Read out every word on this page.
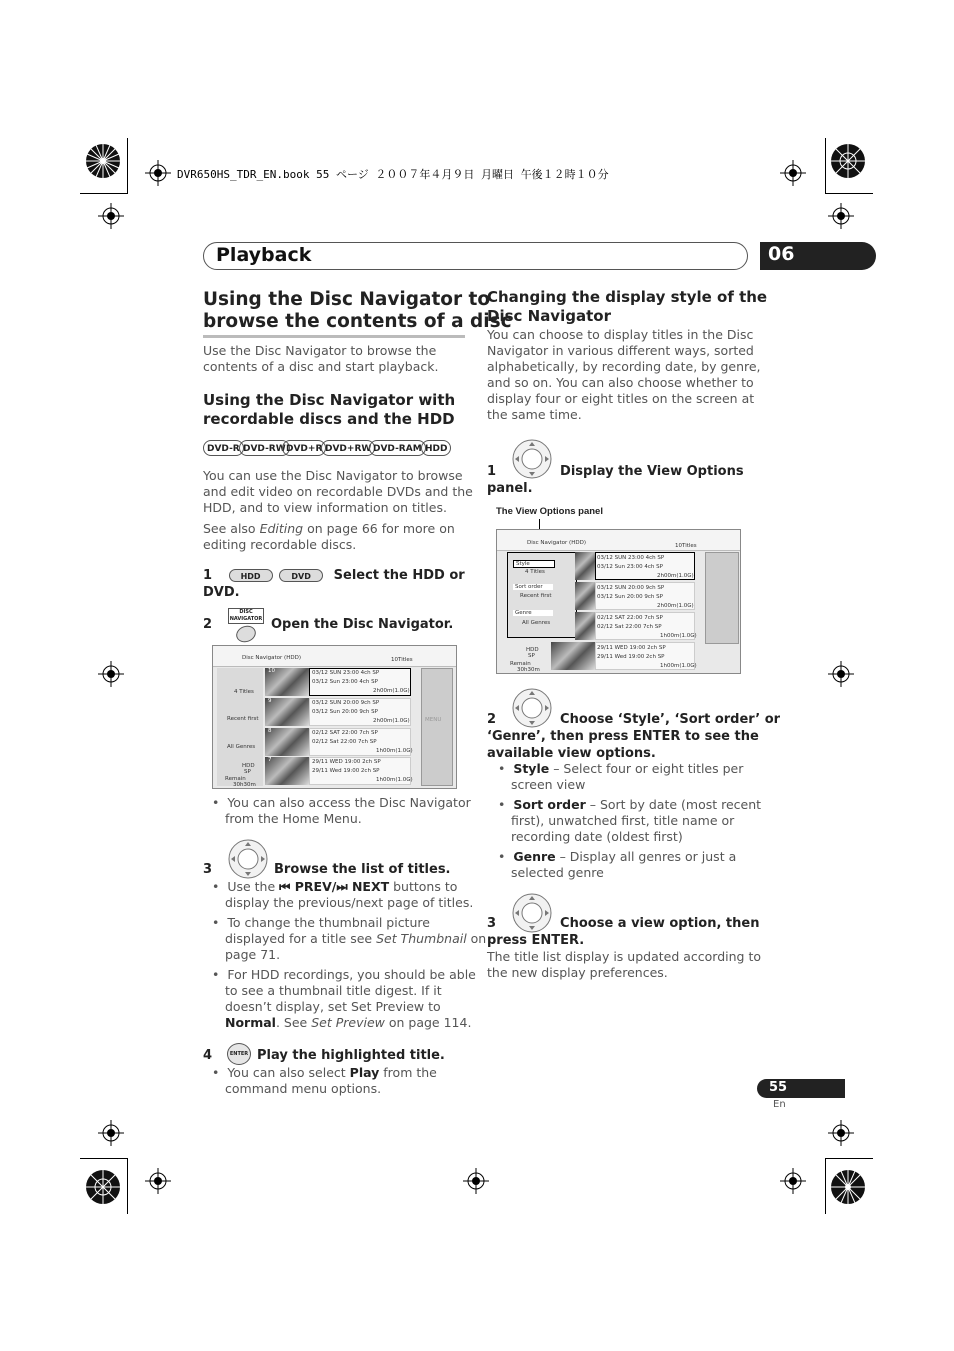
DVR650HS_TDR_EN.book 55 ページ ２００７年４月９日 月曜日 午後１２時１０分
Playback	06
Using the Disc Navigator to
browse the contents of a disc
Use the Disc Navigator to browse the
contents of a disc and start playback.
Using the Disc Navigator with
recordable discs and the HDD
DVD-R DVD-RW DVD+R DVD+RW DVD-RAM HDD
You can use the Disc Navigator to browse
and edit video on recordable DVDs and the
HDD, and to view information on titles.
See also Editing on page 66 for more on
editing recordable discs.
1	HDD	DVD Select the HDD or
DVD.
2
DISC NAVIGATOR Open the Disc Navigator.
Disc Navigator (HDD)	10Titles
4 Titles
Recent first
All Genres
HDD
SP
Remain
30h30m
MENU
10	03/12 SUN 23:00 4ch SP
03/12 Sun 23:00 4ch SP
2h00m(1.0G)
9	03/12 SUN 20:00 9ch SP
03/12 Sun 20:00 9ch SP
2h00m(1.0G)
8	02/12 SAT 22:00 7ch SP
02/12 Sat 22:00 7ch SP
1h00m(1.0G)
7	29/11 WED 19:00 2ch SP
29/11 Wed 19:00 2ch SP
1h00m(1.0G)
•  You can also access the Disc Navigator
from the Home Menu.
3	Browse the list of titles.
•  Use the ⏮ PREV/⏭ NEXT buttons to
display the previous/next page of titles.
•  To change the thumbnail picture
displayed for a title see Set Thumbnail on
page 71.
•  For HDD recordings, you should be able
to see a thumbnail title digest. If it
doesn’t display, set Set Preview to
Normal. See Set Preview on page 114.
4	ENTER Play the highlighted title.
•  You can also select Play from the
command menu options.
Changing the display style of the
Disc Navigator
You can choose to display titles in the Disc
Navigator in various different ways, sorted
alphabetically, by recording date, by genre,
and so on. You can also choose whether to
display four or eight titles on the screen at
the same time.
1	Display the View Options
panel.
The View Options panel
Disc Navigator (HDD)	10Titles
Style
4 Titles
Sort order
Recent first
Genre
All Genres
HDD
SP
Remain
30h30m
03/12 SUN 23:00 4ch SP
03/12 Sun 23:00 4ch SP
2h00m(1.0G)
03/12 SUN 20:00 9ch SP
03/12 Sun 20:00 9ch SP
2h00m(1.0G)
02/12 SAT 22:00 7ch SP
02/12 Sat 22:00 7ch SP
1h00m(1.0G)
29/11 WED 19:00 2ch SP
29/11 Wed 19:00 2ch SP
1h00m(1.0G)
2	Choose ‘Style’, ‘Sort order’ or
‘Genre’, then press ENTER to see the
available view options.
•  Style – Select four or eight titles per
screen view
•  Sort order – Sort by date (most recent
first), unwatched first, title name or
recording date (oldest first)
•  Genre – Display all genres or just a
selected genre
3	Choose a view option, then
press ENTER.
The title list display is updated according to
the new display preferences.
55
En
